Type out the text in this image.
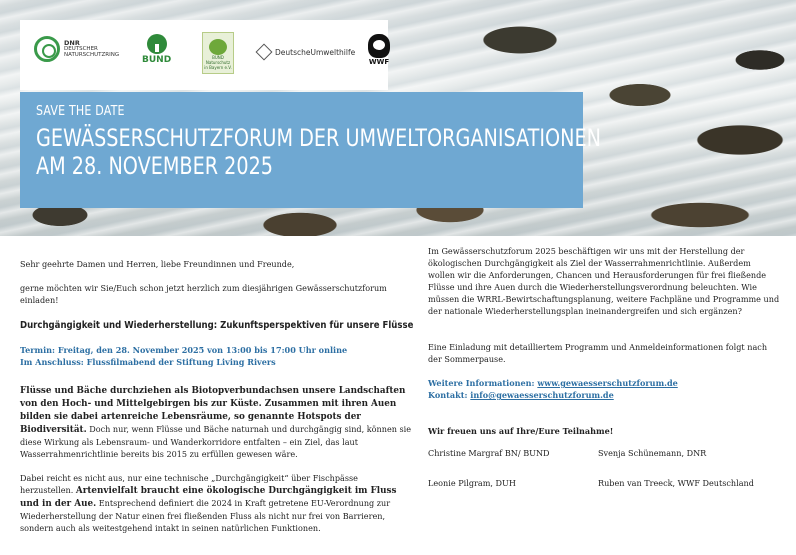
DNR
DEUTSCHER
NATURSCHUTZRING	BUND	BUND
Naturschutz
in Bayern e.V.
DeutscheUmwelthilfe
WWF
SAVE THE DATE
GEWÄSSERSCHUTZFORUM DER UMWELTORGANISATIONEN
AM 28. NOVEMBER 2025

Sehr geehrte Damen und Herren, liebe Freundinnen und Freunde,

gerne möchten wir Sie/Euch schon jetzt herzlich zum diesjährigen Gewässerschutzforum einladen!

Durchgängigkeit und Wiederherstellung: Zukunftsperspektiven für unsere Flüsse

Termin: Freitag, den 28. November 2025 von 13:00 bis 17:00 Uhr online

Im Anschluss: Flussfilmabend der Stiftung Living Rivers

Flüsse und Bäche durchziehen als Biotopverbundachsen unsere Landschaften von den Hoch- und Mittelgebirgen bis zur Küste. Zusammen mit ihren Auen bilden sie dabei artenreiche Lebensräume, so genannte Hotspots der Biodiversität. Doch nur, wenn Flüsse und Bäche naturnah und durchgängig sind, können sie diese Wirkung als Lebensraum- und Wanderkorridore entfalten – ein Ziel, das laut Wasserrahmenrichtlinie bereits bis 2015 zu erfüllen gewesen wäre.

Dabei reicht es nicht aus, nur eine technische „Durchgängigkeit“ über Fischpässe herzustellen. Artenvielfalt braucht eine ökologische Durchgängigkeit im Fluss und in der Aue. Entsprechend definiert die 2024 in Kraft getretene EU-Verordnung zur Wiederherstellung der Natur einen frei fließenden Fluss als nicht nur frei von Barrieren, sondern auch als weitestgehend intakt in seinen natürlichen Funktionen.

Im Gewässerschutzforum 2025 beschäftigen wir uns mit der Herstellung der ökologischen Durchgängigkeit als Ziel der Wasserrahmenrichtlinie. Außerdem wollen wir die Anforderungen, Chancen und Herausforderungen für frei fließende Flüsse und ihre Auen durch die Wiederherstellungsverordnung beleuchten. Wie müssen die WRRL-Bewirtschaftungsplanung, weitere Fachpläne und Programme und der nationale Wiederherstellungsplan ineinandergreifen und sich ergänzen?

Eine Einladung mit detailliertem Programm und Anmeldeinformationen folgt nach der Sommerpause.

Weitere Informationen: www.gewaesserschutzforum.de

Kontakt: info@gewaesserschutzforum.de

Wir freuen uns auf Ihre/Eure Teilnahme!

Christine Margraf BN/ BUND	Svenja Schünemann, DNR
Leonie Pilgram, DUH	Ruben van Treeck, WWF Deutschland
